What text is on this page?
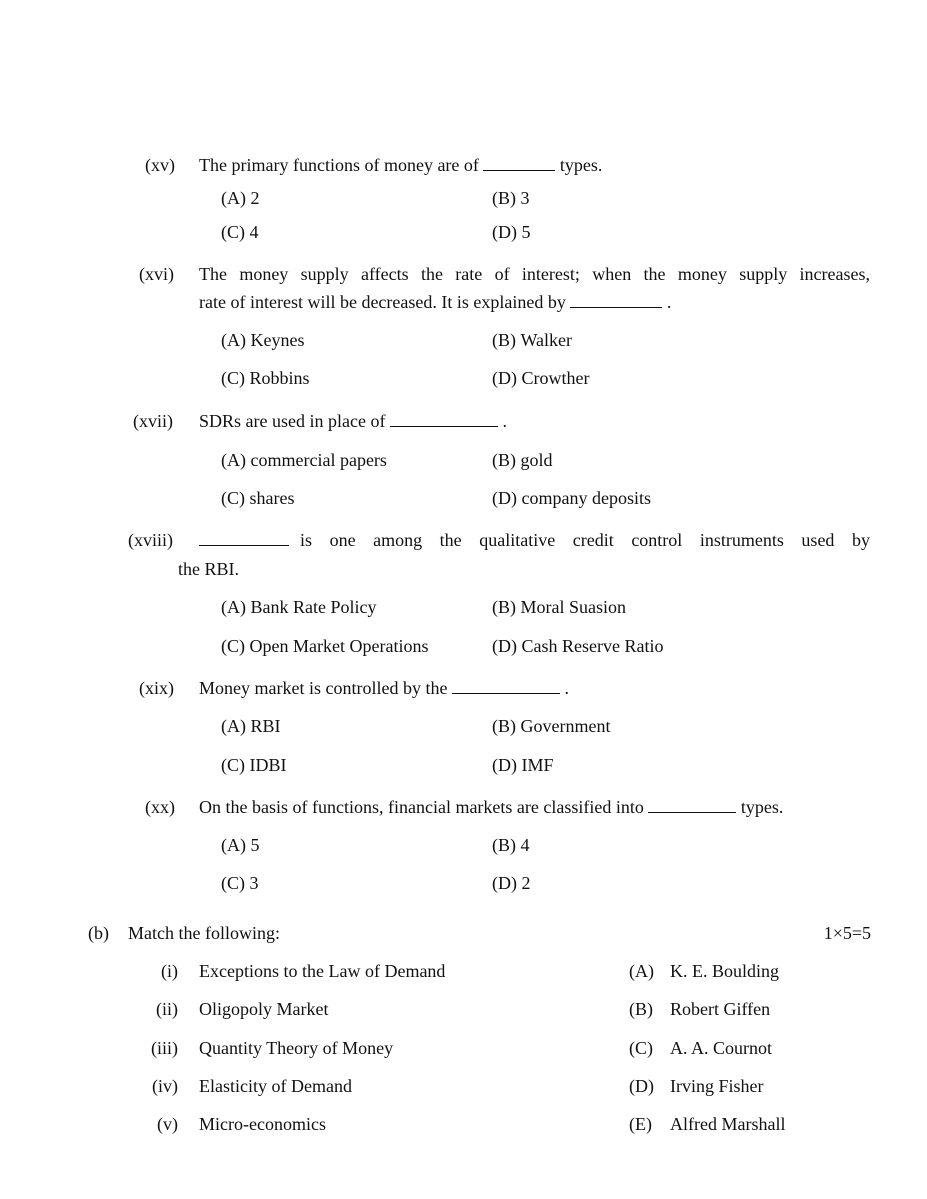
(xv) The primary functions of money are of	types.
(A) 2	(B) 3
(C) 4	(D) 5
(xvi) The money supply affects the rate of interest; when the money supply increases,
rate of interest will be decreased. It is explained by	.
(A) Keynes	(B) Walker
(C) Robbins	(D) Crowther
(xvii) SDRs are used in place of	.
(A) commercial papers	(B) gold
(C) shares	(D) company deposits
(xviii)	is one among the qualitative credit control instruments used by
the RBI.
(A) Bank Rate Policy	(B) Moral Suasion
(C) Open Market Operations	(D) Cash Reserve Ratio
(xix) Money market is controlled by the	.
(A) RBI	(B) Government
(C) IDBI	(D) IMF
(xx) On the basis of functions, financial markets are classified into	types.
(A) 5	(B) 4
(C) 3	(D) 2
(b) Match the following:	1×5=5
(i) Exceptions to the Law of Demand	(A) K. E. Boulding
(ii) Oligopoly Market	(B) Robert Giffen
(iii) Quantity Theory of Money	(C) A. A. Cournot
(iv) Elasticity of Demand	(D) Irving Fisher
(v) Micro-economics	(E) Alfred Marshall
